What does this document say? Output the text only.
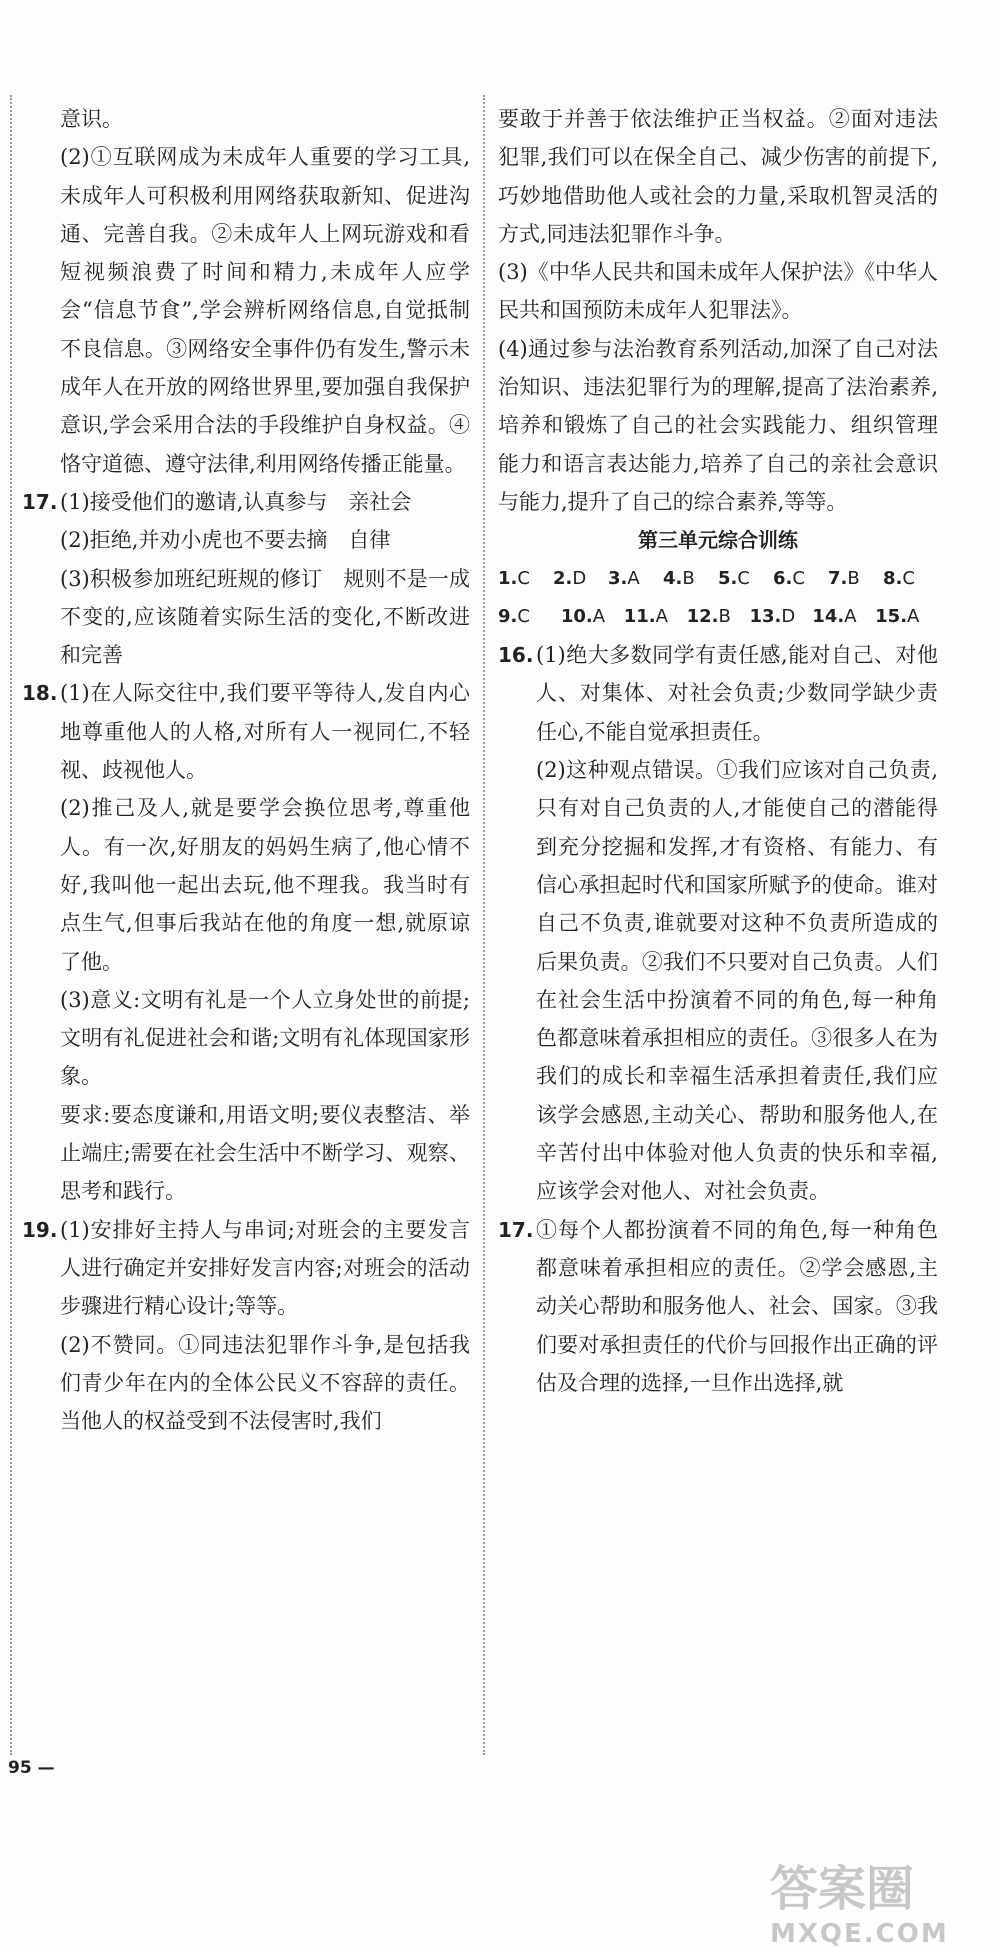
意识。

(2)①互联网成为未成年人重要的学习工具,未成年人可积极利用网络获取新知、促进沟通、完善自我。②未成年人上网玩游戏和看短视频浪费了时间和精力,未成年人应学会“信息节食”,学会辨析网络信息,自觉抵制不良信息。③网络安全事件仍有发生,警示未成年人在开放的网络世界里,要加强自我保护意识,学会采用合法的手段维护自身权益。④恪守道德、遵守法律,利用网络传播正能量。

17. (1)接受他们的邀请,认真参与　亲社会

(2)拒绝,并劝小虎也不要去摘　自律

(3)积极参加班纪班规的修订　规则不是一成不变的,应该随着实际生活的变化,不断改进和完善

18. (1)在人际交往中,我们要平等待人,发自内心地尊重他人的人格,对所有人一视同仁,不轻视、歧视他人。

(2)推己及人,就是要学会换位思考,尊重他人。有一次,好朋友的妈妈生病了,他心情不好,我叫他一起出去玩,他不理我。我当时有点生气,但事后我站在他的角度一想,就原谅了他。

(3)意义:文明有礼是一个人立身处世的前提;文明有礼促进社会和谐;文明有礼体现国家形象。

要求:要态度谦和,用语文明;要仪表整洁、举止端庄;需要在社会生活中不断学习、观察、思考和践行。

19. (1)安排好主持人与串词;对班会的主要发言人进行确定并安排好发言内容;对班会的活动步骤进行精心设计;等等。

(2)不赞同。①同违法犯罪作斗争,是包括我们青少年在内的全体公民义不容辞的责任。当他人的权益受到不法侵害时,我们

要敢于并善于依法维护正当权益。②面对违法犯罪,我们可以在保全自己、减少伤害的前提下,巧妙地借助他人或社会的力量,采取机智灵活的方式,同违法犯罪作斗争。

(3)《中华人民共和国未成年人保护法》《中华人民共和国预防未成年人犯罪法》。

(4)通过参与法治教育系列活动,加深了自己对法治知识、违法犯罪行为的理解,提高了法治素养,培养和锻炼了自己的社会实践能力、组织管理能力和语言表达能力,培养了自己的亲社会意识与能力,提升了自己的综合素养,等等。

第三单元综合训练
1.C	2.D	3.A	4.B	5.C	6.C	7.B	8.C
9.C	10.A	11.A	12.B	13.D 14.A	15.A
16. (1)绝大多数同学有责任感,能对自己、对他人、对集体、对社会负责;少数同学缺少责任心,不能自觉承担责任。

(2)这种观点错误。①我们应该对自己负责,只有对自己负责的人,才能使自己的潜能得到充分挖掘和发挥,才有资格、有能力、有信心承担起时代和国家所赋予的使命。谁对自己不负责,谁就要对这种不负责所造成的后果负责。②我们不只要对自己负责。人们在社会生活中扮演着不同的角色,每一种角色都意味着承担相应的责任。③很多人在为我们的成长和幸福生活承担着责任,我们应该学会感恩,主动关心、帮助和服务他人,在辛苦付出中体验对他人负责的快乐和幸福,应该学会对他人、对社会负责。

17. ①每个人都扮演着不同的角色,每一种角色都意味着承担相应的责任。②学会感恩,主动关心帮助和服务他人、社会、国家。③我们要对承担责任的代价与回报作出正确的评估及合理的选择,一旦作出选择,就

95 —
答案圈
MXQE.COM
